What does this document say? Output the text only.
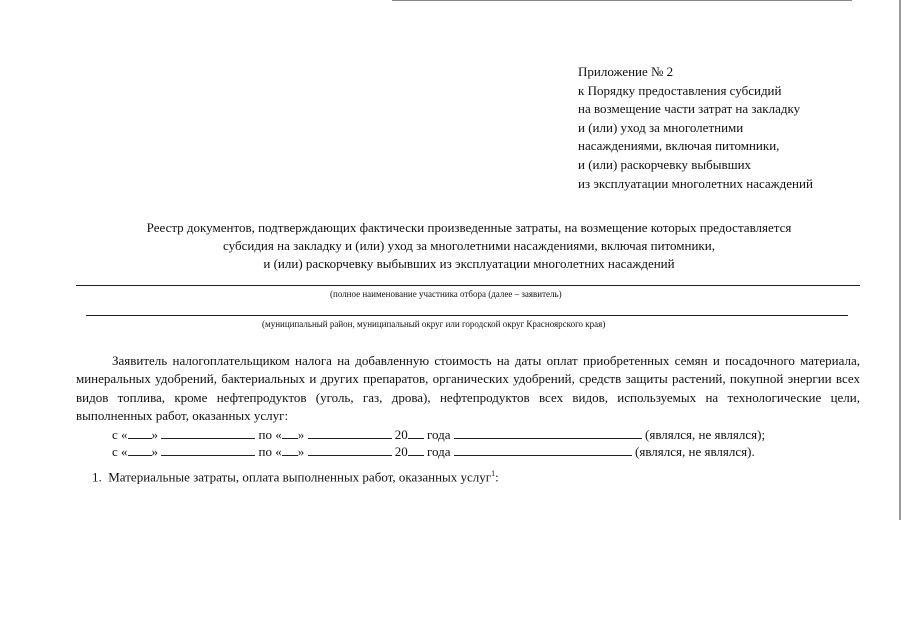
Приложение № 2
к Порядку предоставления субсидий
на возмещение части затрат на закладку
и (или) уход за многолетними
насаждениями, включая питомники,
и (или) раскорчевку выбывших
из эксплуатации многолетних насаждений
Реестр документов, подтверждающих фактически произведенные затраты, на возмещение которых предоставляется
субсидия на закладку и (или) уход за многолетними насаждениями, включая питомники,
и (или) раскорчевку выбывших из эксплуатации многолетних насаждений
(полное наименование участника отбора (далее – заявитель)
(муниципальный район, муниципальный округ или городской округ Красноярского края)
Заявитель налогоплательщиком налога на добавленную стоимость на даты оплат приобретенных семян и посадочного материала, минеральных удобрений, бактериальных и других препаратов, органических удобрений, средств защиты растений, покупной энергии всех видов топлива, кроме нефтепродуктов (уголь, газ, дрова), нефтепродуктов всех видов, используемых на технологические цели, выполненных работ, оказанных услуг:
с « »	по « »	20 года	(являлся, не являлся);
с « »	по « »	20 года	(являлся, не являлся).
1. Материальные затраты, оплата выполненных работ, оказанных услуг$^1$:
